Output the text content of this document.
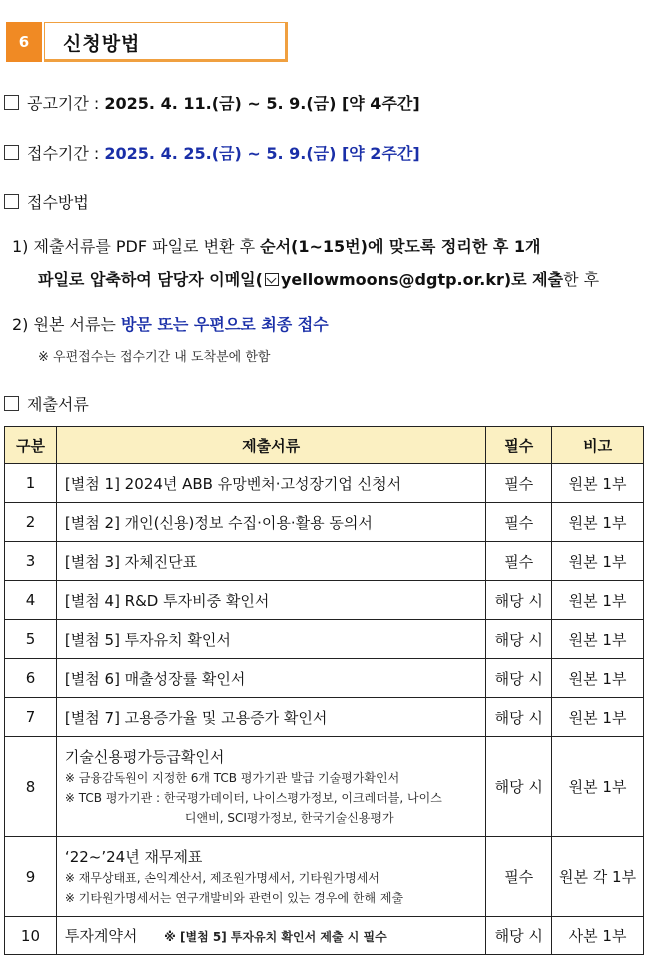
6	신청방법
공고기간 : 2025. 4. 11.(금) ~ 5. 9.(금) [약 4주간]
접수기간 : 2025. 4. 25.(금) ~ 5. 9.(금) [약 2주간]
접수방법
1) 제출서류를 PDF 파일로 변환 후 순서(1~15번)에 맞도록 정리한 후 1개
파일로 압축하여 담당자 이메일( yellowmoons@dgtp.or.kr)로 제출한 후
2) 원본 서류는 방문 또는 우편으로 최종 접수
※ 우편접수는 접수기간 내 도착분에 한함
제출서류
구분	제출서류	필수	비고
1	[별첨 1] 2024년 ABB 유망벤처·고성장기업 신청서	필수	원본 1부
2	[별첨 2] 개인(신용)정보 수집·이용·활용 동의서	필수	원본 1부
3	[별첨 3] 자체진단표	필수	원본 1부
4	[별첨 4] R&D 투자비중 확인서	해당 시	원본 1부
5	[별첨 5] 투자유치 확인서	해당 시	원본 1부
6	[별첨 6] 매출성장률 확인서	해당 시	원본 1부
7	[별첨 7] 고용증가율 및 고용증가 확인서	해당 시	원본 1부
8	기술신용평가등급확인서
※ 금융감독원이 지정한 6개 TCB 평가기관 발급 기술평가확인서
※ TCB 평가기관 : 한국평가데이터, 나이스평가정보, 이크레더블, 나이스
디앤비, SCI평가정보, 한국기술신용평가	해당 시	원본 1부
9	‘22~’24년 재무제표
※ 재무상태표, 손익계산서, 제조원가명세서, 기타원가명세서
※ 기타원가명세서는 연구개발비와 관련이 있는 경우에 한해 제출	필수	원본 각 1부
10	투자계약서 ※ [별첨 5] 투자유치 확인서 제출 시 필수	해당 시	사본 1부
